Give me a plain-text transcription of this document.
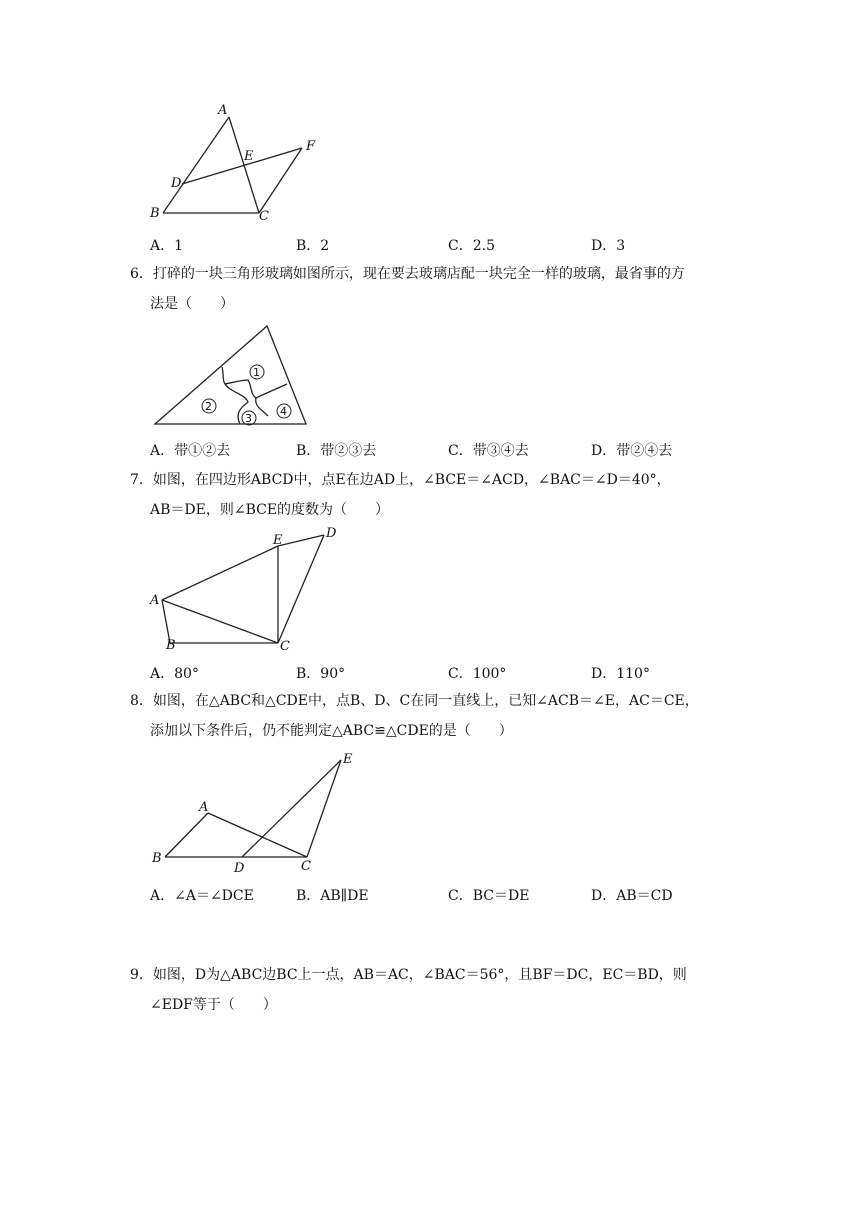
A
E
F
D
B	C
A．1	B．2	C．2.5	D．3

6．打碎的一块三角形玻璃如图所示，现在要去玻璃店配一块完全一样的玻璃，最省事的方

法是（　　）

1
2
3
4
A．带①②去	B．带②③去	C．带③④去	D．带②④去

7．如图，在四边形ABCD中，点E在边AD上，∠BCE＝∠ACD，∠BAC＝∠D＝40°，

AB＝DE，则∠BCE的度数为（　　）

A
E	D
B	C
A．80°	B．90°	C．100°	D．110°

8．如图，在△ABC和△CDE中，点B、D、C在同一直线上，已知∠ACB＝∠E，AC＝CE，

添加以下条件后，仍不能判定△ABC≌△CDE的是（　　）

E
A
B
D	C
A．∠A＝∠DCE	B．AB∥DE	C．BC＝DE	D．AB＝CD

9．如图，D为△ABC边BC上一点，AB＝AC，∠BAC＝56°，且BF＝DC，EC＝BD，则

∠EDF等于（　　）
